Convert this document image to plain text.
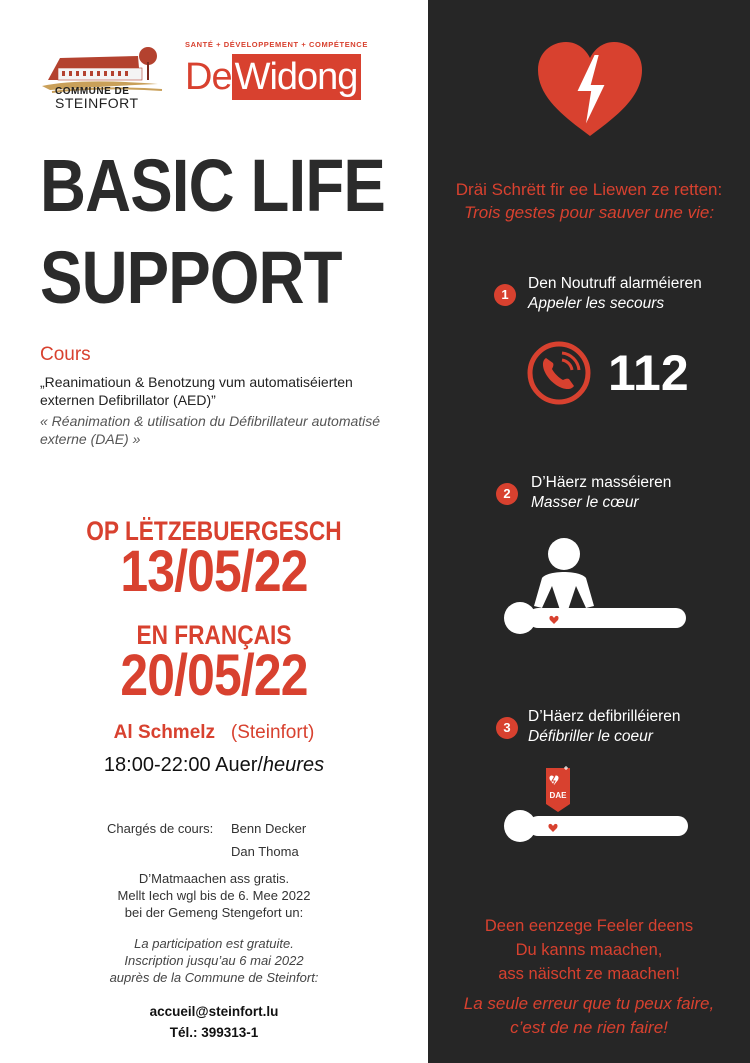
COMMUNE DE
STEINFORT
SANTÉ + DÉVELOPPEMENT + COMPÉTENCE
De Widong
BASIC LIFE
SUPPORT
Cours
„Reanimatioun & Benotzung vum automatiséierten externen Defibrillator (AED)”
« Réanimation & utilisation du Défibrillateur automatisé externe (DAE) »
OP LËTZEBUERGESCH
13/05/22
EN FRANÇAIS
20/05/22
Al Schmelz (Steinfort)
18:00-22:00 Auer/heures
Chargés de cours: Benn Decker
Dan Thoma
D’Matmaachen ass gratis.
Mellt Iech wgl bis de 6. Mee 2022
bei der Gemeng Stengefort un:
La participation est gratuite.
Inscription jusqu’au 6 mai 2022
auprès de la Commune de Steinfort:
accueil@steinfort.lu
Tél.: 399313-1
Dräi Schrëtt fir ee Liewen ze retten:
Trois gestes pour sauver une vie:
1
Den Noutruff alarméieren
Appeler les secours
112
2
D’Häerz masséieren
Masser le cœur
3
D’Häerz defibrilléieren
Défibriller le coeur
DAE
Deen eenzege Feeler deens
Du kanns maachen,
ass näischt ze maachen!
La seule erreur que tu peux faire,
c’est de ne rien faire!
